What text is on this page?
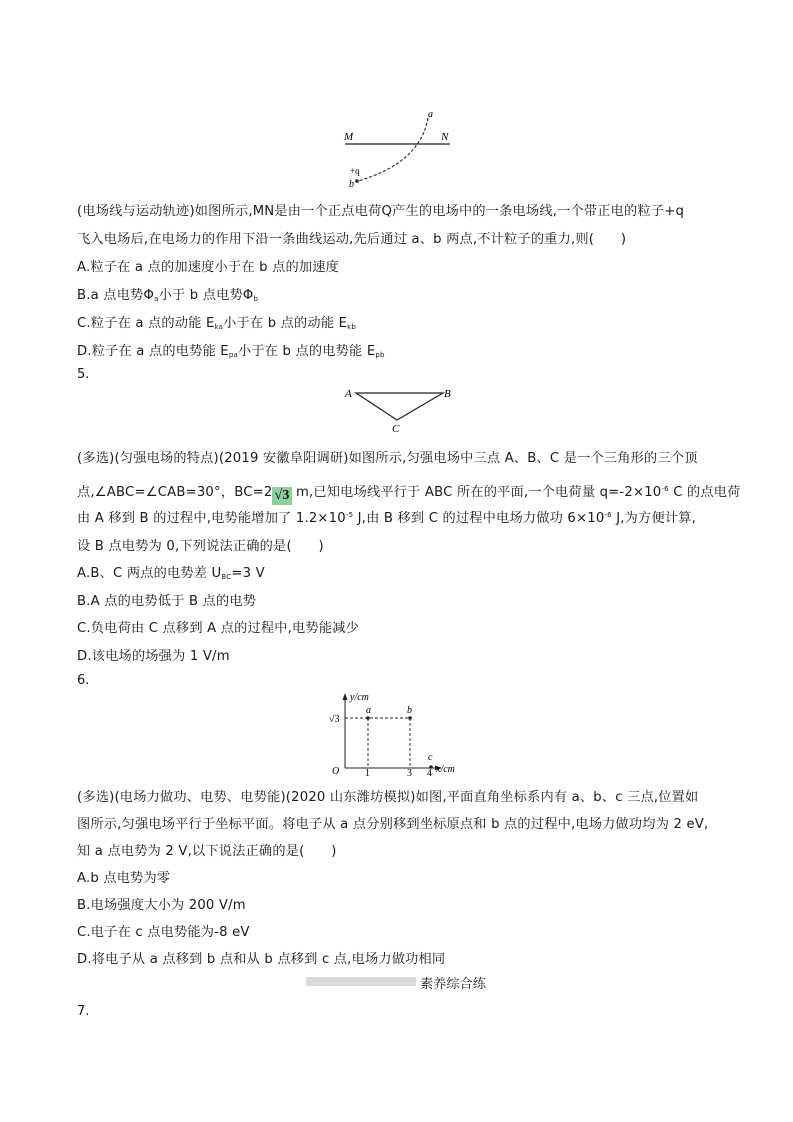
M	N
a
+q
b
(电场线与运动轨迹)如图所示,MN是由一个正点电荷Q产生的电场中的一条电场线,一个带正电的粒子+q
飞入电场后,在电场力的作用下沿一条曲线运动,先后通过 a、b 两点,不计粒子的重力,则(　　)
A.粒子在 a 点的加速度小于在 b 点的加速度
B.a 点电势$\Phi_a$小于 b 点电势$\Phi_b$
C.粒子在 a 点的动能 $E_{ka}$小于在 b 点的动能 $E_{kb}$
D.粒子在 a 点的电势能 $E_{pa}$小于在 b 点的电势能 $E_{pb}$
5.
A	B
C
(多选)(匀强电场的特点)(2019 安徽阜阳调研)如图所示,匀强电场中三点 A、B、C 是一个三角形的三个顶
点,∠ABC=∠CAB=30°，BC=2 √3 m,已知电场线平行于 ABC 所在的平面,一个电荷量 $q=-2\times 10^{-6}$ C 的点电荷
由 A 移到 B 的过程中,电势能增加了 $1.2\times 10^{-5}$ J,由 B 移到 C 的过程中电场力做功 $6\times 10^{-6}$ J,为方便计算,
设 B 点电势为 0,下列说法正确的是(　　)
A.B、C 两点的电势差 $U_{BC}=3$ V
B.A 点的电势低于 B 点的电势
C.负电荷由 C 点移到 A 点的过程中,电势能减少
D.该电场的场强为 1 V/m
6.
y/cm
x/cm
O
√3
1	3 4
a	b
c
(多选)(电场力做功、电势、电势能)(2020 山东潍坊模拟)如图,平面直角坐标系内有 a、b、c 三点,位置如
图所示,匀强电场平行于坐标平面。将电子从 a 点分别移到坐标原点和 b 点的过程中,电场力做功均为 2 eV,
知 a 点电势为 2 V,以下说法正确的是(　　)
A.b 点电势为零
B.电场强度大小为 200 V/m
C.电子在 c 点电势能为-8 eV
D.将电子从 a 点移到 b 点和从 b 点移到 c 点,电场力做功相同
素养综合练
7.
